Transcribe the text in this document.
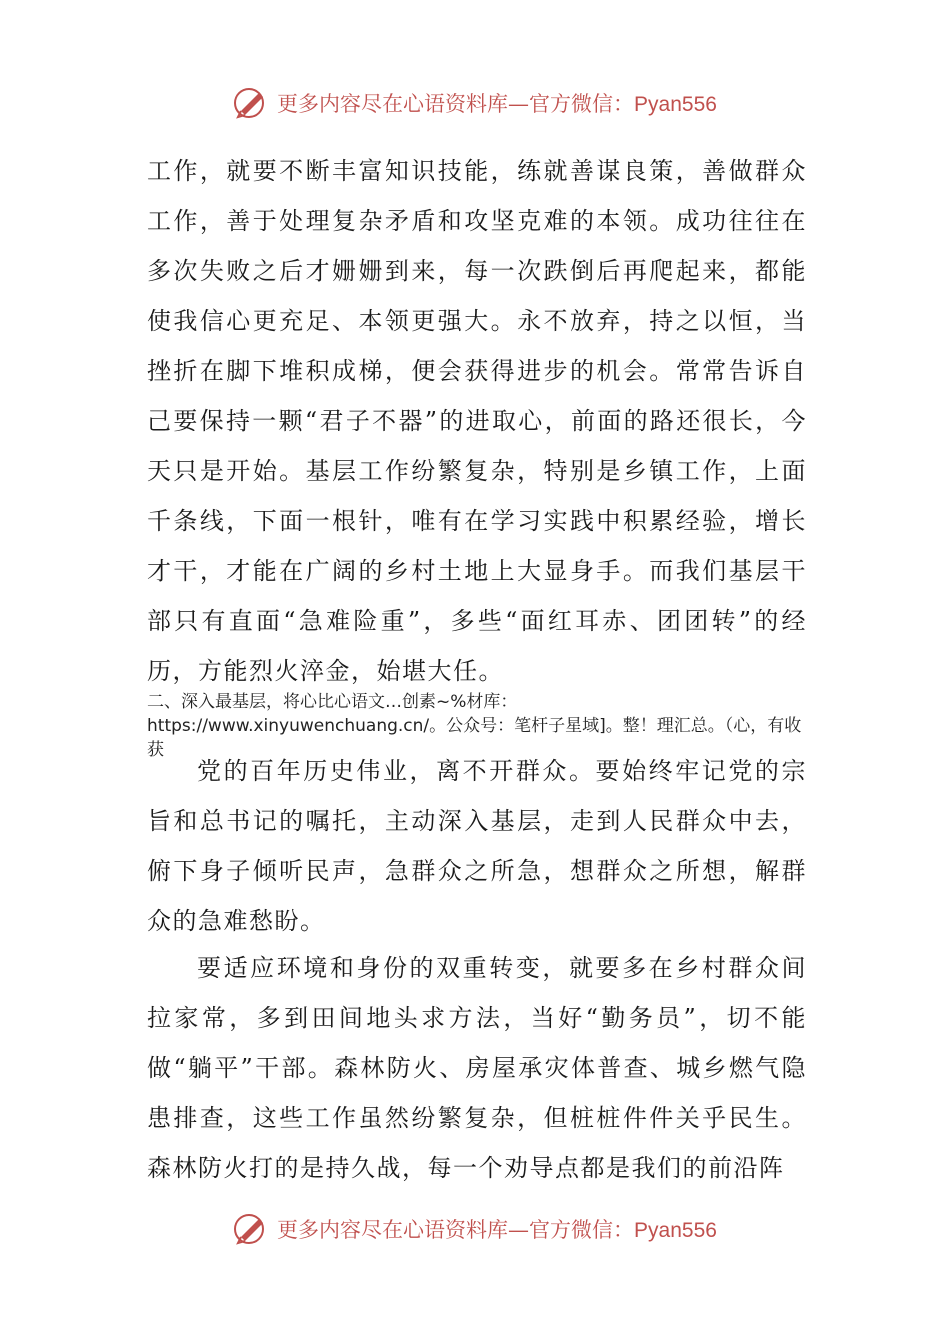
更多内容尽在心语资料库—官方微信：Pyan556
工作，就要不断丰富知识技能，练就善谋良策，善做群众工作，善于处理复杂矛盾和攻坚克难的本领。成功往往在多次失败之后才姗姗到来，每一次跌倒后再爬起来，都能使我信心更充足、本领更强大。永不放弃，持之以恒，当挫折在脚下堆积成梯，便会获得进步的机会。常常告诉自己要保持一颗“君子不器”的进取心，前面的路还很长，今天只是开始。基层工作纷繁复杂，特别是乡镇工作，上面千条线，下面一根针，唯有在学习实践中积累经验，增长才干，才能在广阔的乡村土地上大显身手。而我们基层干部只有直面“急难险重”，多些“面红耳赤、团团转”的经历，方能烈火淬金，始堪大任。
二、深入最基层，将心比心语文…创素~%材库：https://www.xinyuwenchuang.cn/。公众号：笔杆子星域]。整！理汇总。（心，有收获
党的百年历史伟业，离不开群众。要始终牢记党的宗旨和总书记的嘱托，主动深入基层，走到人民群众中去，俯下身子倾听民声，急群众之所急，想群众之所想，解群众的急难愁盼。
要适应环境和身份的双重转变，就要多在乡村群众间拉家常，多到田间地头求方法，当好“勤务员”，切不能做“躺平”干部。森林防火、房屋承灾体普查、城乡燃气隐患排查，这些工作虽然纷繁复杂，但桩桩件件关乎民生。森林防火打的是持久战，每一个劝导点都是我们的前沿阵
更多内容尽在心语资料库—官方微信：Pyan556
